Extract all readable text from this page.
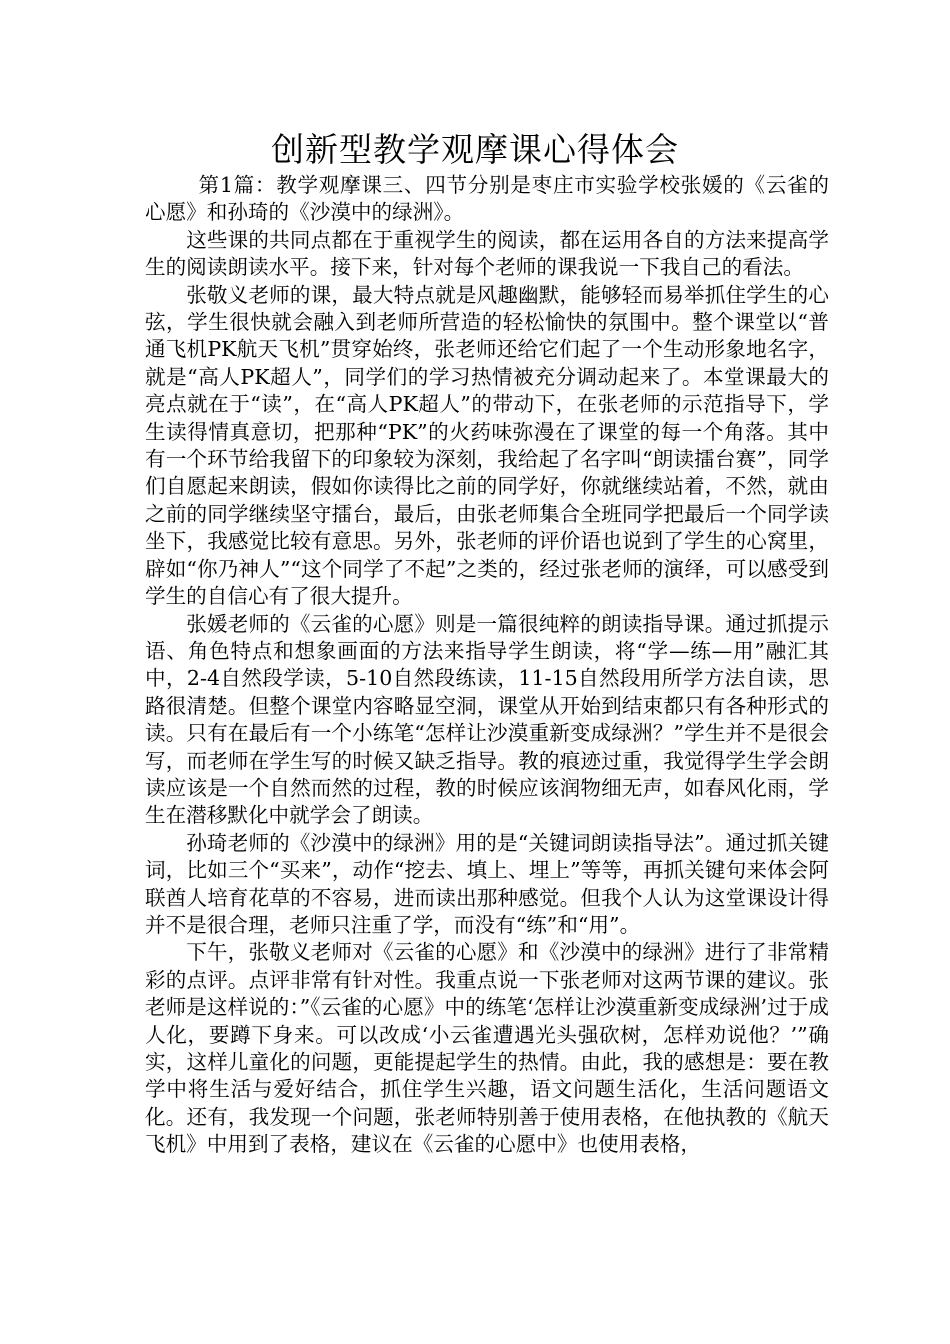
创新型教学观摩课心得体会

第1篇：教学观摩课三、四节分别是枣庄市实验学校张媛的《云雀的心愿》和孙琦的《沙漠中的绿洲》。

这些课的共同点都在于重视学生的阅读，都在运用各自的方法来提高学生的阅读朗读水平。接下来，针对每个老师的课我说一下我自己的看法。

张敬义老师的课，最大特点就是风趣幽默，能够轻而易举抓住学生的心弦，学生很快就会融入到老师所营造的轻松愉快的氛围中。整个课堂以“普通飞机PK航天飞机”贯穿始终，张老师还给它们起了一个生动形象地名字，就是“高人PK超人”，同学们的学习热情被充分调动起来了。本堂课最大的亮点就在于“读”，在“高人PK超人”的带动下，在张老师的示范指导下，学生读得情真意切，把那种“PK”的火药味弥漫在了课堂的每一个角落。其中有一个环节给我留下的印象较为深刻，我给起了名字叫“朗读擂台赛”，同学们自愿起来朗读，假如你读得比之前的同学好，你就继续站着，不然，就由之前的同学继续坚守擂台，最后，由张老师集合全班同学把最后一个同学读坐下，我感觉比较有意思。另外，张老师的评价语也说到了学生的心窝里，辟如“你乃神人”“这个同学了不起”之类的，经过张老师的演绎，可以感受到学生的自信心有了很大提升。

张媛老师的《云雀的心愿》则是一篇很纯粹的朗读指导课。通过抓提示语、角色特点和想象画面的方法来指导学生朗读，将“学—练—用”融汇其中，2-4自然段学读，5-10自然段练读，11-15自然段用所学方法自读，思路很清楚。但整个课堂内容略显空洞，课堂从开始到结束都只有各种形式的读。只有在最后有一个小练笔“怎样让沙漠重新变成绿洲？”学生并不是很会写，而老师在学生写的时候又缺乏指导。教的痕迹过重，我觉得学生学会朗读应该是一个自然而然的过程，教的时候应该润物细无声，如春风化雨，学生在潜移默化中就学会了朗读。

孙琦老师的《沙漠中的绿洲》用的是“关键词朗读指导法”。通过抓关键词，比如三个“买来”，动作“挖去、填上、埋上”等等，再抓关键句来体会阿联酋人培育花草的不容易，进而读出那种感觉。但我个人认为这堂课设计得并不是很合理，老师只注重了学，而没有“练”和“用”。

下午，张敬义老师对《云雀的心愿》和《沙漠中的绿洲》进行了非常精彩的点评。点评非常有针对性。我重点说一下张老师对这两节课的建议。张老师是这样说的：”《云雀的心愿》中的练笔‘怎样让沙漠重新变成绿洲’过于成人化，要蹲下身来。可以改成‘小云雀遭遇光头强砍树，怎样劝说他？’”确实，这样儿童化的问题，更能提起学生的热情。由此，我的感想是：要在教学中将生活与爱好结合，抓住学生兴趣，语文问题生活化，生活问题语文化。还有，我发现一个问题，张老师特别善于使用表格，在他执教的《航天飞机》中用到了表格，建议在《云雀的心愿中》也使用表格，
